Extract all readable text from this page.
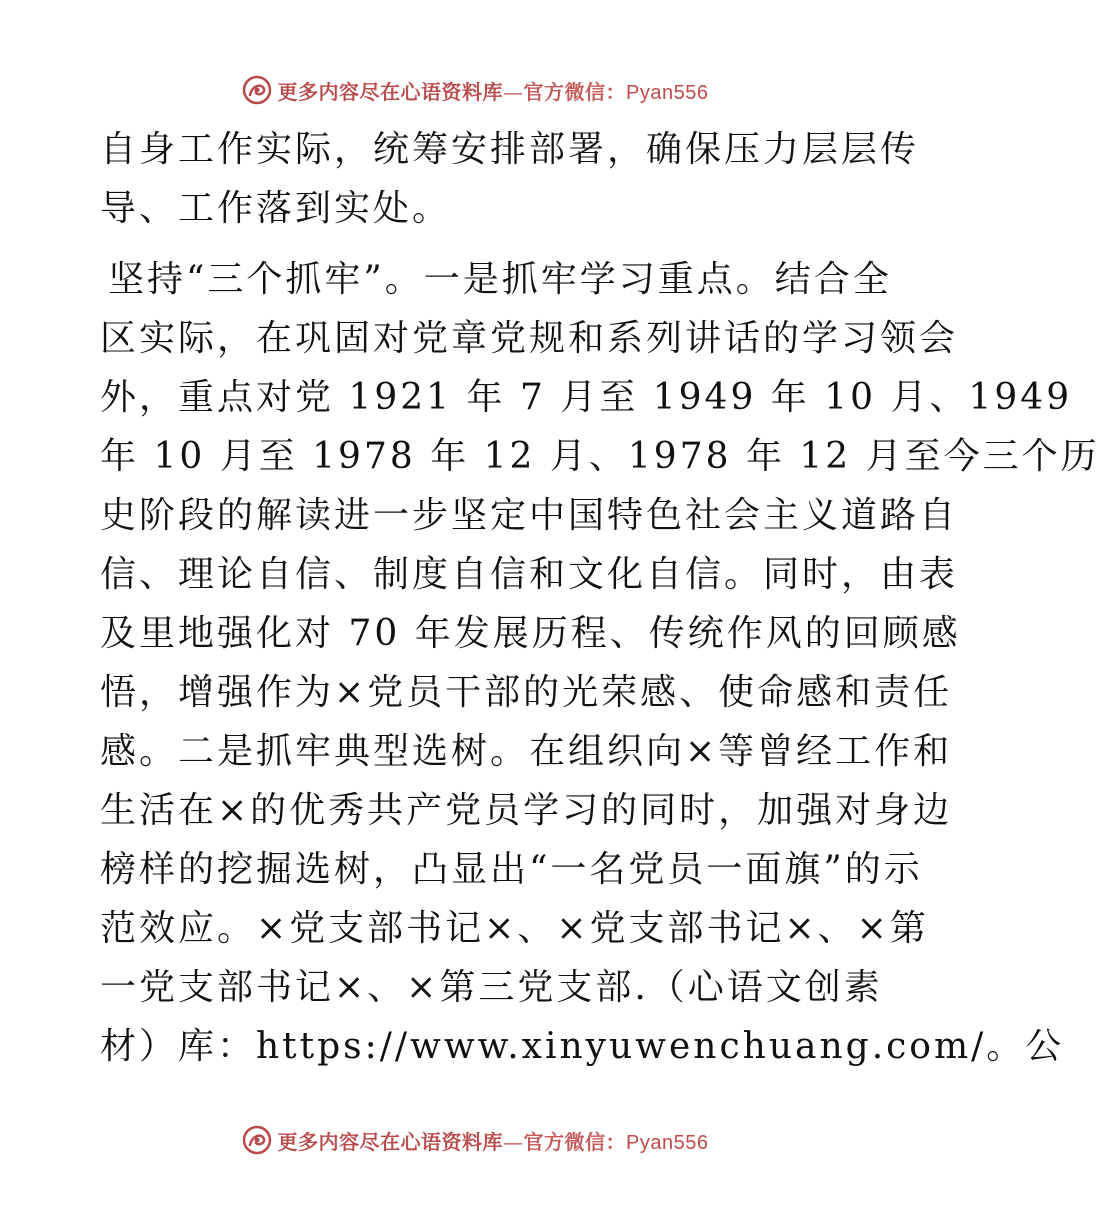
更多内容尽在心语资料库—官方微信：Pyan556
自身工作实际，统筹安排部署，确保压力层层传
导、工作落到实处。
坚持“三个抓牢”。一是抓牢学习重点。结合全
区实际，在巩固对党章党规和系列讲话的学习领会
外，重点对党 1921 年 7 月至 1949 年 10 月、1949
年 10 月至 1978 年 12 月、1978 年 12 月至今三个历
史阶段的解读进一步坚定中国特色社会主义道路自
信、理论自信、制度自信和文化自信。同时，由表
及里地强化对 70 年发展历程、传统作风的回顾感
悟，增强作为×党员干部的光荣感、使命感和责任
感。二是抓牢典型选树。在组织向×等曾经工作和
生活在×的优秀共产党员学习的同时，加强对身边
榜样的挖掘选树，凸显出“一名党员一面旗”的示
范效应。×党支部书记×、×党支部书记×、×第
一党支部书记×、×第三党支部.（心语文创素
材）库：https://www.xinyuwenchuang.com/。公
更多内容尽在心语资料库—官方微信：Pyan556
